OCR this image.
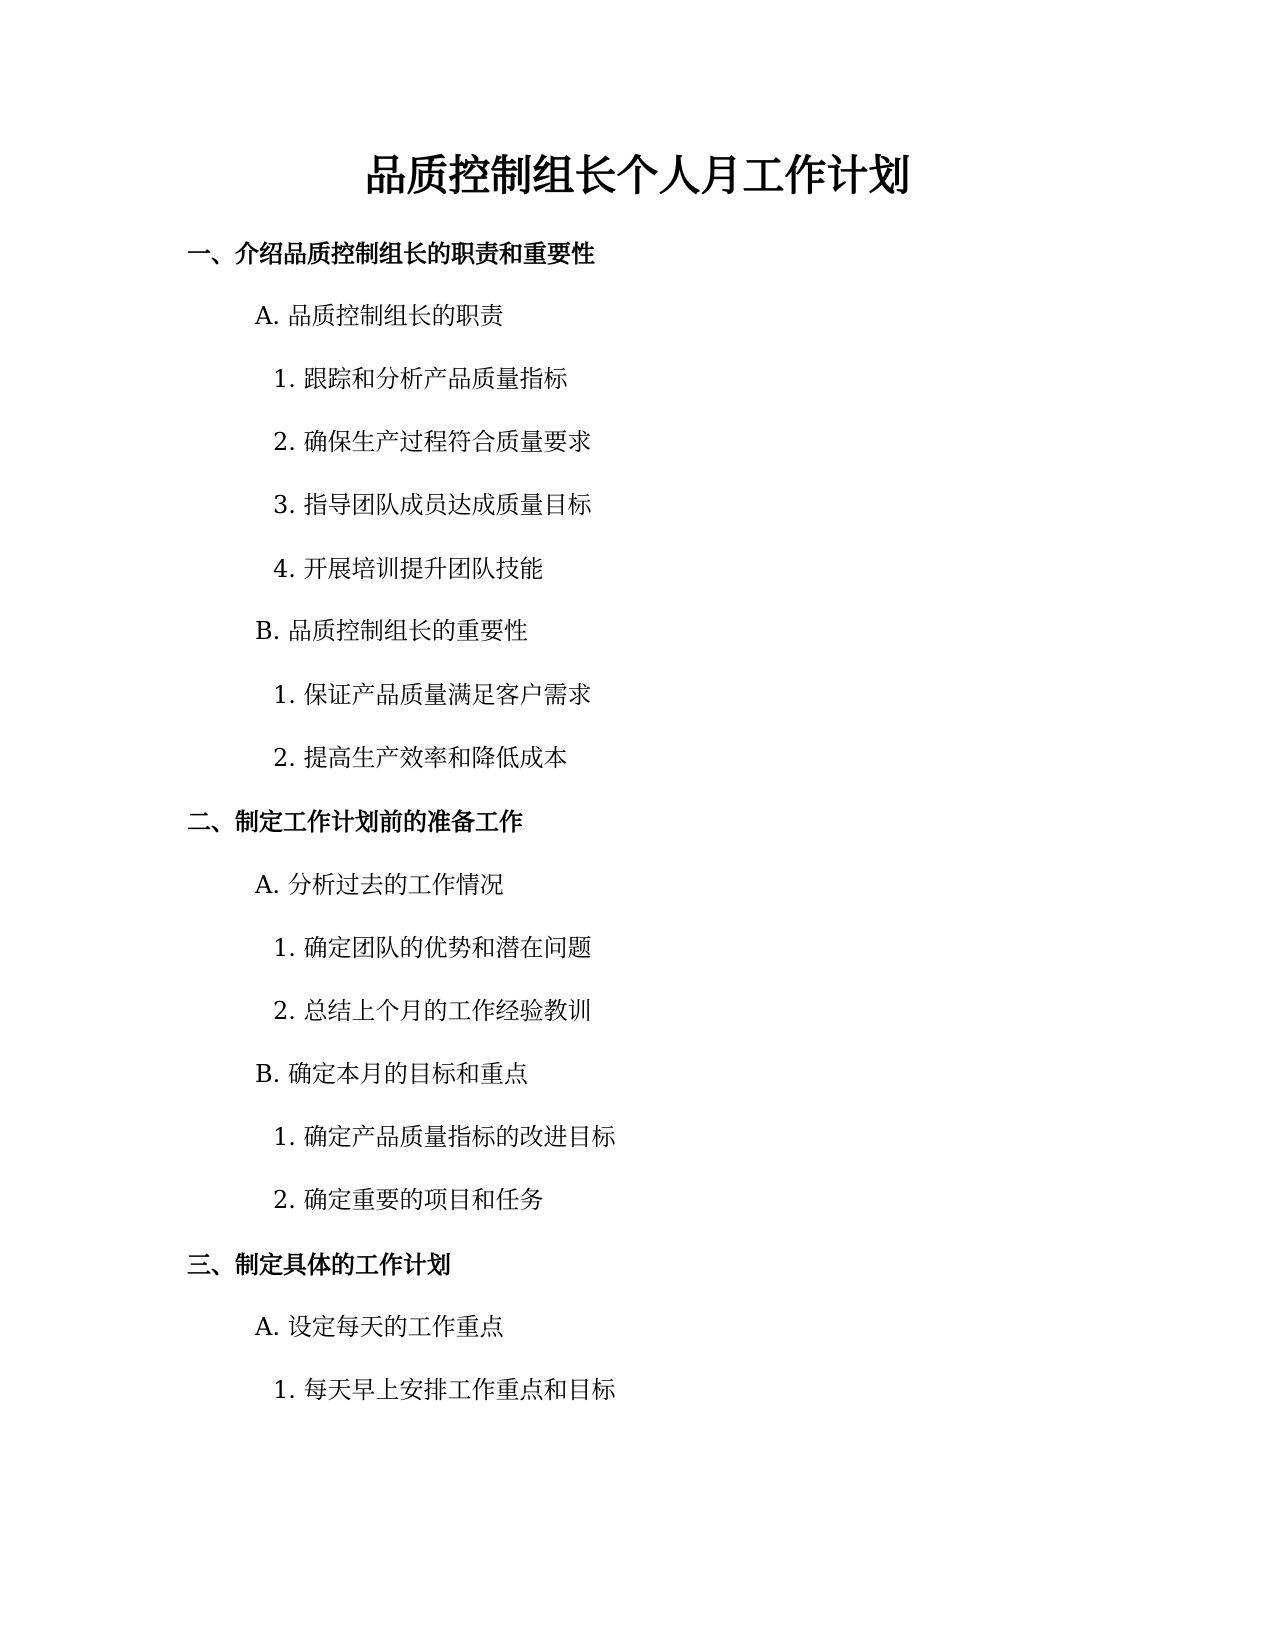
品质控制组长个人月工作计划
一、介绍品质控制组长的职责和重要性

A. 品质控制组长的职责

1. 跟踪和分析产品质量指标

2. 确保生产过程符合质量要求

3. 指导团队成员达成质量目标

4. 开展培训提升团队技能

B. 品质控制组长的重要性

1. 保证产品质量满足客户需求

2. 提高生产效率和降低成本

二、制定工作计划前的准备工作

A. 分析过去的工作情况

1. 确定团队的优势和潜在问题

2. 总结上个月的工作经验教训

B. 确定本月的目标和重点

1. 确定产品质量指标的改进目标

2. 确定重要的项目和任务

三、制定具体的工作计划

A. 设定每天的工作重点

1. 每天早上安排工作重点和目标
